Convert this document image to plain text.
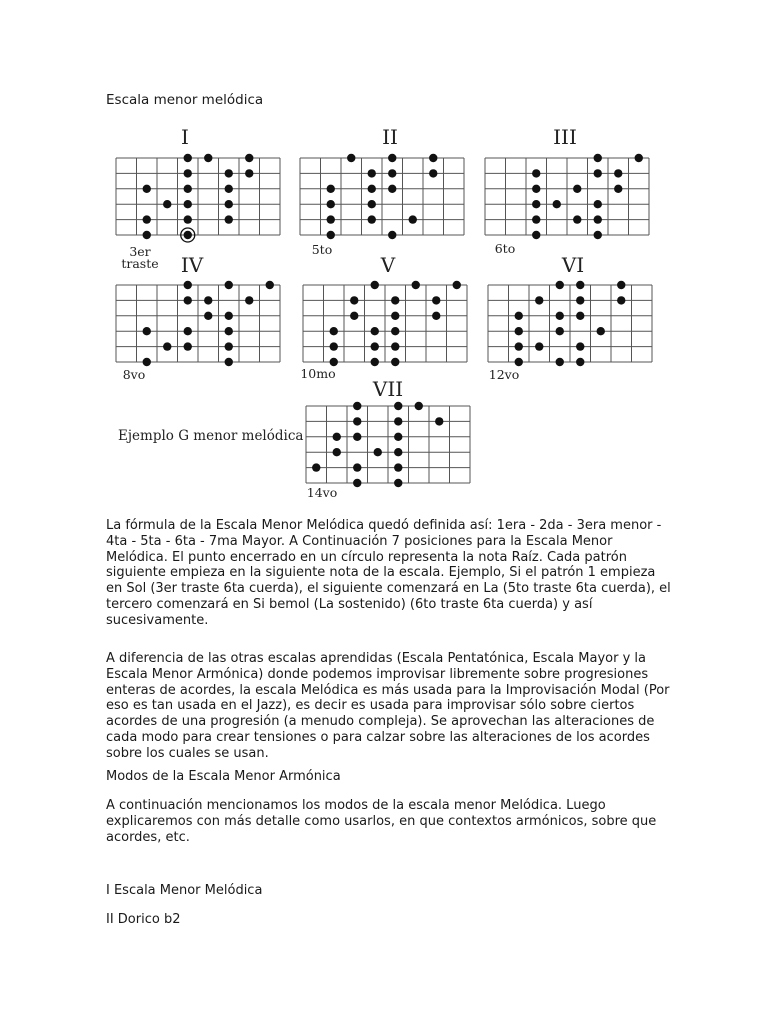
Escala menor melódica
I
3er traste
II
5to
III
6to
IV
8vo
V
10mo
VI
12vo
VII
14vo
Ejemplo G menor melódica

La fórmula de la Escala Menor Melódica quedó definida así: 1era - 2da - 3era menor - 4ta - 5ta - 6ta - 7ma Mayor. A Continuación 7 posiciones para la Escala Menor Melódica. El punto encerrado en un círculo representa la nota Raíz. Cada patrón siguiente empieza en la siguiente nota de la escala. Ejemplo, Si el patrón 1 empieza en Sol (3er traste 6ta cuerda), el siguiente comenzará en La (5to traste 6ta cuerda), el tercero comenzará en Si bemol (La sostenido) (6to traste 6ta cuerda) y así sucesivamente.

A diferencia de las otras escalas aprendidas (Escala Pentatónica, Escala Mayor y la Escala Menor Armónica) donde podemos improvisar libremente sobre progresiones enteras de acordes, la escala Melódica es más usada para la Improvisación Modal (Por eso es tan usada en el Jazz), es decir es usada para improvisar sólo sobre ciertos acordes de una progresión (a menudo compleja). Se aprovechan las alteraciones de cada modo para crear tensiones o para calzar sobre las alteraciones de los acordes sobre los cuales se usan.

Modos de la Escala Menor Armónica

A continuación mencionamos los modos de la escala menor Melódica. Luego explicaremos con más detalle como usarlos, en que contextos armónicos, sobre que acordes, etc.

I Escala Menor Melódica

II Dorico b2
